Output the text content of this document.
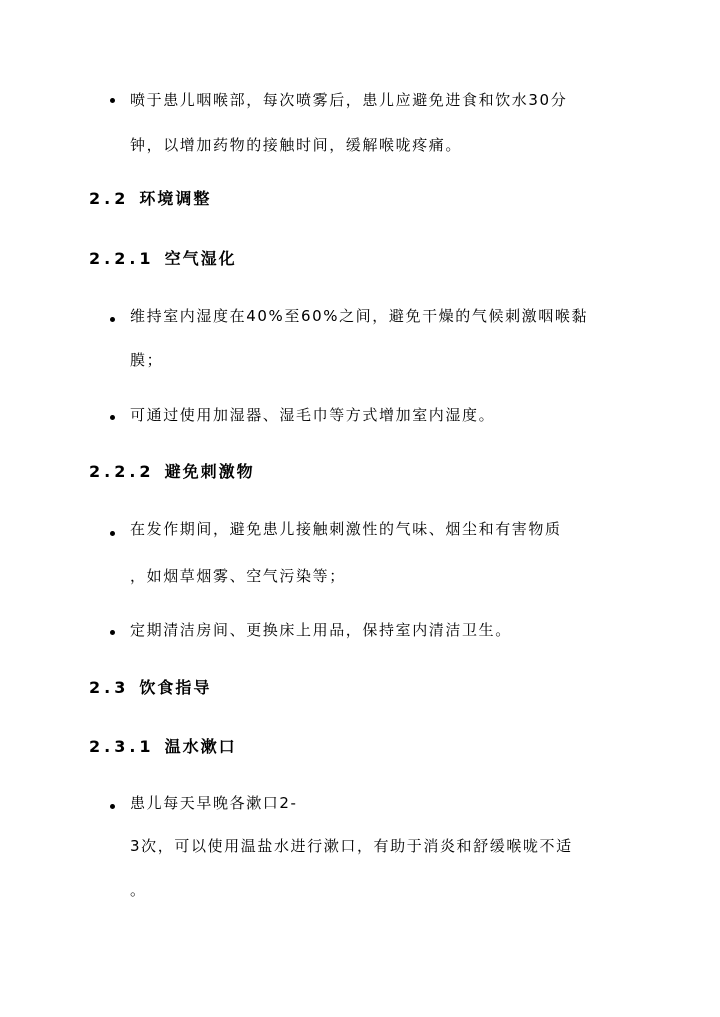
喷于患儿咽喉部，每次喷雾后，患儿应避免进食和饮水30分
钟，以增加药物的接触时间，缓解喉咙疼痛。
2.2 环境调整
2.2.1 空气湿化
维持室内湿度在40%至60%之间，避免干燥的气候刺激咽喉黏
膜；
可通过使用加湿器、湿毛巾等方式增加室内湿度。
2.2.2 避免刺激物
在发作期间，避免患儿接触刺激性的气味、烟尘和有害物质
，如烟草烟雾、空气污染等；
定期清洁房间、更换床上用品，保持室内清洁卫生。
2.3 饮食指导
2.3.1 温水漱口
患儿每天早晚各漱口2-
3次，可以使用温盐水进行漱口，有助于消炎和舒缓喉咙不适
。
